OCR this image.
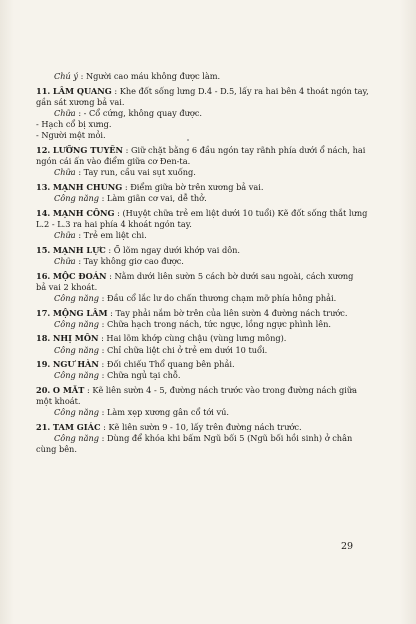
Chú ý : Người cao máu không được làm.
11. LÂM QUANG : Khe đốt sống lưng D.4 - D.5, lấy ra hai bên 4 thoát ngón tay,
gần sát xương bả vai.
Chữa : - Cổ cứng, không quay được.
- Hạch cổ bị xưng.
- Người mệt mỏi.
12. LƯỠNG TUYỀN : Giữ chặt bằng 6 đầu ngón tay rãnh phía dưới ổ nách, hai
ngón cái ấn vào điểm giữa cơ Đen-ta.
Chữa : Tay run, cầu vai sụt xuống.
13. MẠNH CHUNG : Điểm giữa bờ trên xương bả vai.
Công năng : Làm giãn cơ vai, dễ thở.
14. MẠNH CÔNG : (Huyệt chữa trẻ em liệt dưới 10 tuổi) Kẽ đốt sống thắt lưng
L.2 - L.3 ra hai phía 4 khoát ngón tay.
Chữa : Trẻ em liệt chi.
15. MẠNH LỰC : Ổ lõm ngay dưới khớp vai dôn.
Chữa : Tay không giơ cao được.
16. MỘC ĐOÁN : Nằm dưới liên sườn 5 cách bờ dưới sau ngoài, cách xương
bả vai 2 khoát.
Công năng : Đầu cổ lắc lư do chấn thương chạm mỡ phía hông phải.
17. MỘNG LÂM : Tay phải nắm bờ trên của liên sườn 4 đường nách trước.
Công năng : Chữa hạch trong nách, tức ngực, lồng ngực phình lên.
18. NHỊ MÔN : Hai lõm khớp cùng chậu (vùng lưng mông).
Công năng : Chỉ chữa liệt chi ở trẻ em dưới 10 tuổi.
19. NGƯ HÀN : Đối chiếu Thổ quang bên phải.
Công năng : Chữa ngủ tại chỗ.
20. O MẮT : Kẽ liên sườn 4 - 5, đường nách trước vào trong đường nách giữa
một khoát.
Công năng : Làm xẹp xương gân cổ tới vú.
21. TAM GIÁC : Kẽ liên sườn 9 - 10, lấy trên đường nách trước.
Công năng : Dùng để khóa khi bấm Ngũ bối 5 (Ngũ bối hồi sinh) ở chân
cùng bên.
29
